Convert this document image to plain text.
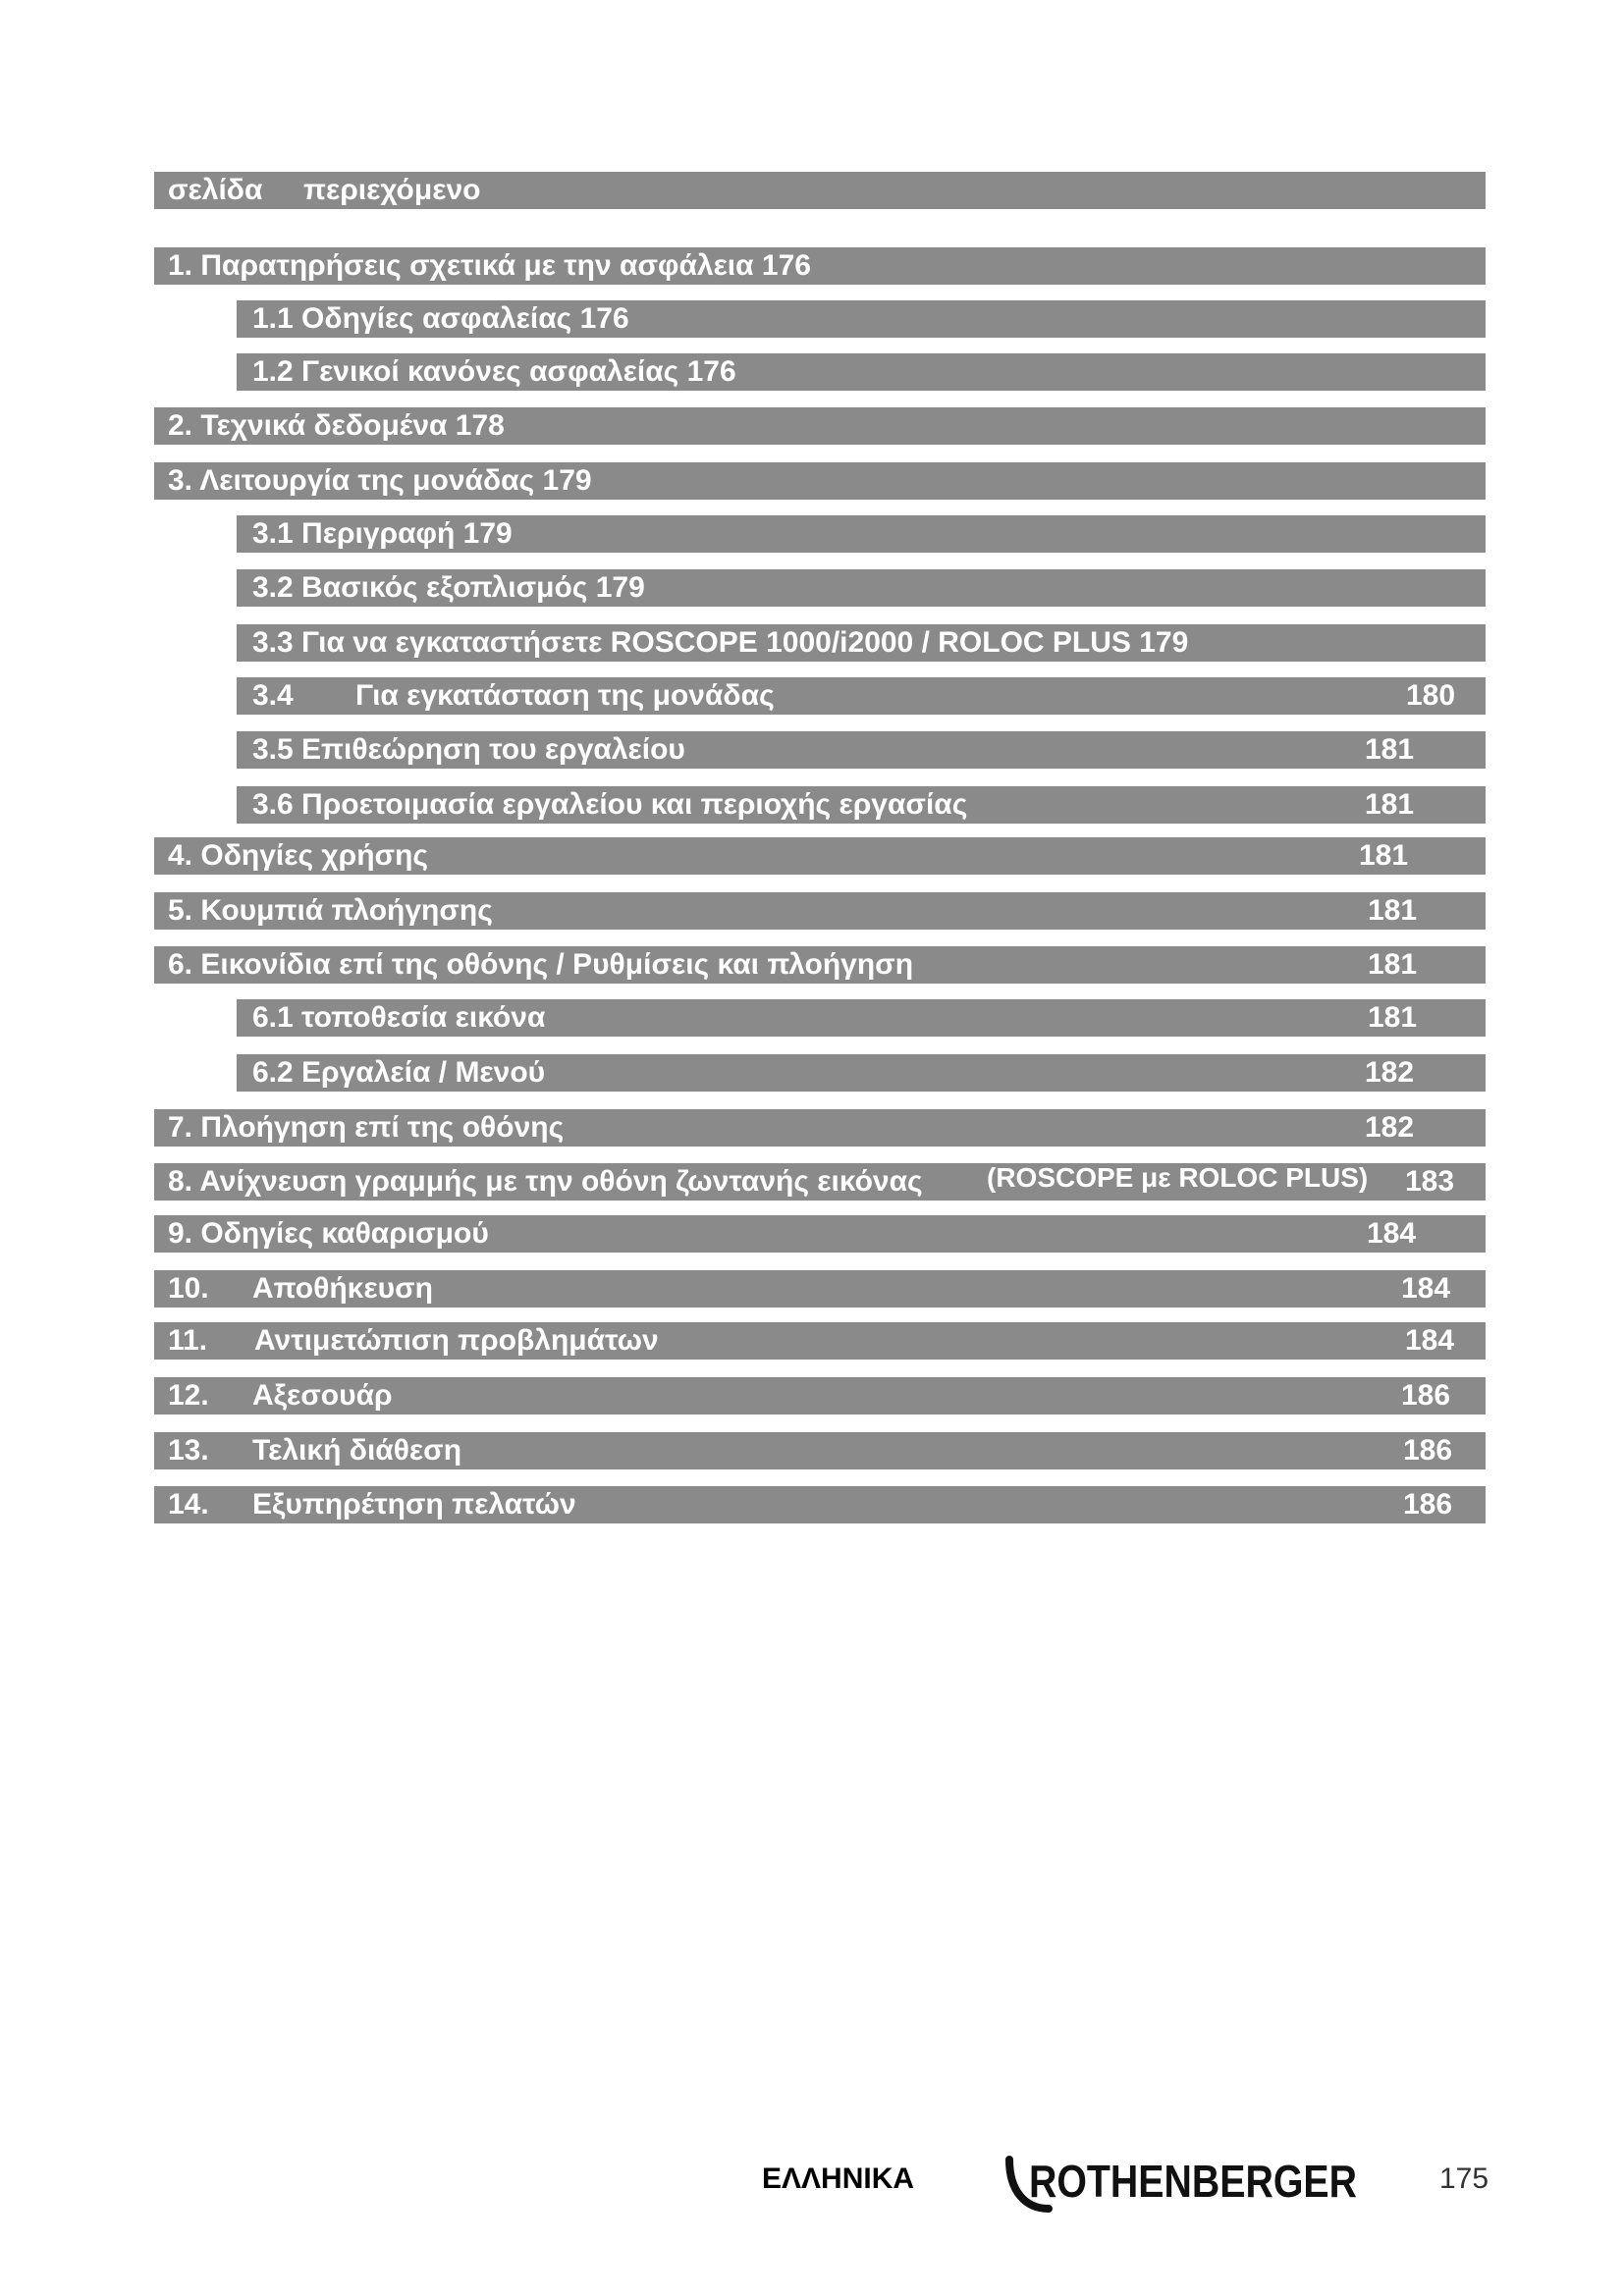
σελίδα περιεχόμενο
1. Παρατηρήσεις σχετικά με την ασφάλεια 176
1.1 Οδηγίες ασφαλείας 176
1.2 Γενικοί κανόνες ασφαλείας 176
2. Τεχνικά δεδομένα 178
3. Λειτουργία της μονάδας 179
3.1 Περιγραφή 179
3.2 Βασικός εξοπλισμός 179
3.3 Για να εγκαταστήσετε ROSCOPE 1000/i2000 / ROLOC PLUS 179
3.4 Για εγκατάσταση της μονάδας	180
3.5 Επιθεώρηση του εργαλείου	181
3.6 Προετοιμασία εργαλείου και περιοχής εργασίας	181
4. Οδηγίες χρήσης	181
5. Κουμπιά πλοήγησης	181
6. Εικονίδια επί της οθόνης / Ρυθμίσεις και πλοήγηση	181
6.1 τοποθεσία εικόνα	181
6.2 Εργαλεία / Μενού	182
7. Πλοήγηση επί της οθόνης	182
8. Ανίχνευση γραμμής με την οθόνη ζωντανής εικόνας (ROSCOPE με ROLOC PLUS) 183
9. Οδηγίες καθαρισμού	184
10. Αποθήκευση	184
11. Αντιμετώπιση προβλημάτων	184
12. Αξεσουάρ	186
13. Τελική διάθεση	186
14. Εξυπηρέτηση πελατών	186
ΕΛΛΗΝΙΚΑ	ROTHENBERGER	175
